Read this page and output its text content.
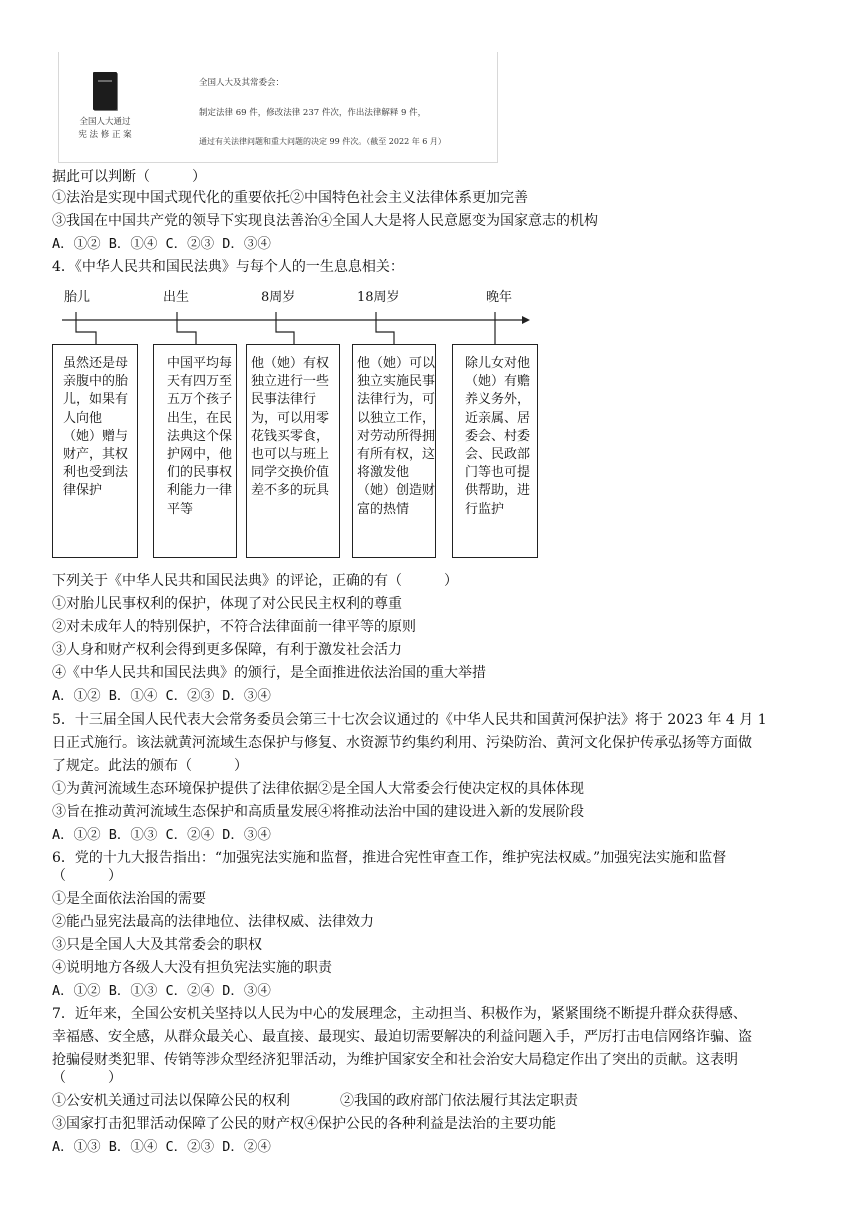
全国人大通过
宪 法 修 正 案
全国人大及其常委会：
制定法律 69 件，修改法律 237 件次，作出法律解释 9 件，
通过有关法律问题和重大问题的决定 99 件次。（截至 2022 年 6 月）
据此可以判断（　　　）
①法治是实现中国式现代化的重要依托②中国特色社会主义法律体系更加完善
③我国在中国共产党的领导下实现良法善治④全国人大是将人民意愿变为国家意志的机构
A．①② B．①④ C．②③ D．③④
4．《中华人民共和国民法典》与每个人的一生息息相关：
胎儿	出生	8周岁	18周岁	晚年
虽然还是母亲腹中的胎儿，如果有人向他（她）赠与财产，其权利也受到法律保护
中国平均每天有四万至五万个孩子出生，在民法典这个保护网中，他们的民事权利能力一律平等
他（她）有权独立进行一些民事法律行为，可以用零花钱买零食，也可以与班上同学交换价值差不多的玩具
他（她）可以独立实施民事法律行为，可以独立工作，对劳动所得拥有所有权，这将激发他（她）创造财富的热情
除儿女对他（她）有赡养义务外，近亲属、居委会、村委会、民政部门等也可提供帮助，进行监护
下列关于《中华人民共和国民法典》的评论，正确的有（　　　）
①对胎儿民事权利的保护，体现了对公民民主权利的尊重
②对未成年人的特别保护，不符合法律面前一律平等的原则
③人身和财产权利会得到更多保障，有利于激发社会活力
④《中华人民共和国民法典》的颁行，是全面推进依法治国的重大举措
A．①② B．①④ C．②③ D．③④
5．十三届全国人民代表大会常务委员会第三十七次会议通过的《中华人民共和国黄河保护法》将于 2023 年 4 月 1
日正式施行。该法就黄河流域生态保护与修复、水资源节约集约利用、污染防治、黄河文化保护传承弘扬等方面做
了规定。此法的颁布（　　　）
①为黄河流域生态环境保护提供了法律依据②是全国人大常委会行使决定权的具体体现
③旨在推动黄河流域生态保护和高质量发展④将推动法治中国的建设进入新的发展阶段
A．①② B．①③ C．②④ D．③④
6．党的十九大报告指出：“加强宪法实施和监督，推进合宪性审查工作，维护宪法权威。”加强宪法实施和监督
（　　　）
①是全面依法治国的需要
②能凸显宪法最高的法律地位、法律权威、法律效力
③只是全国人大及其常委会的职权
④说明地方各级人大没有担负宪法实施的职责
A．①② B．①③ C．②④ D．③④
7．近年来，全国公安机关坚持以人民为中心的发展理念，主动担当、积极作为，紧紧围绕不断提升群众获得感、
幸福感、安全感，从群众最关心、最直接、最现实、最迫切需要解决的利益问题入手，严厉打击电信网络诈骗、盗
抢骗侵财类犯罪、传销等涉众型经济犯罪活动，为维护国家安全和社会治安大局稳定作出了突出的贡献。这表明
（　　　）
①公安机关通过司法以保障公民的权利	②我国的政府部门依法履行其法定职责
③国家打击犯罪活动保障了公民的财产权④保护公民的各种利益是法治的主要功能
A．①③ B．①④ C．②③ D．②④
